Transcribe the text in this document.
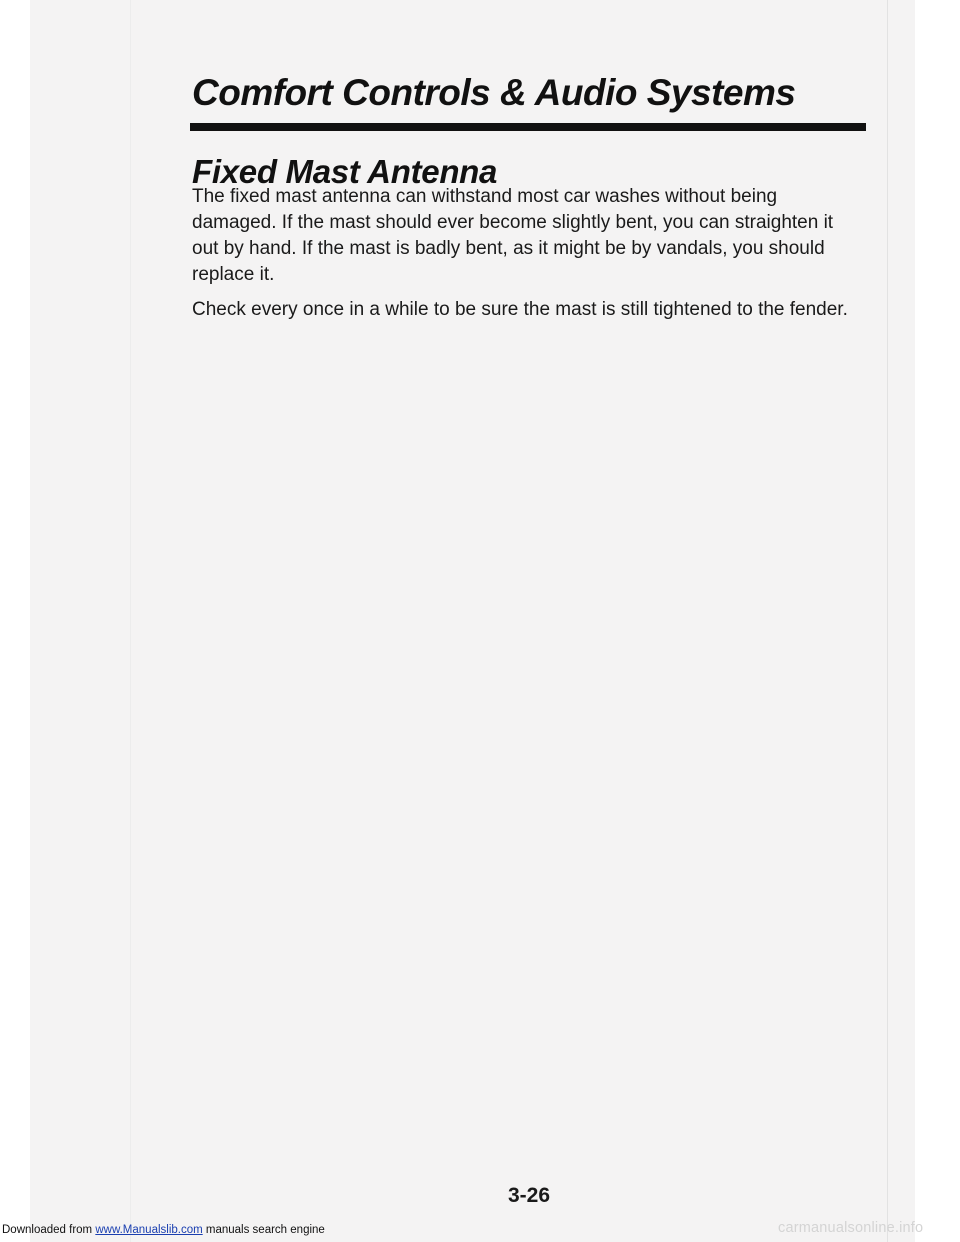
Comfort Controls & Audio Systems
Fixed Mast Antenna

The fixed mast antenna can withstand most car washes without being damaged. If the mast should ever become slightly bent, you can straighten it out by hand. If the mast is badly bent, as it might be by vandals, you should replace it.

Check every once in a while to be sure the mast is still tightened to the fender.

3-26
Downloaded from www.Manualslib.com manuals search engine	carmanualsonline.info
